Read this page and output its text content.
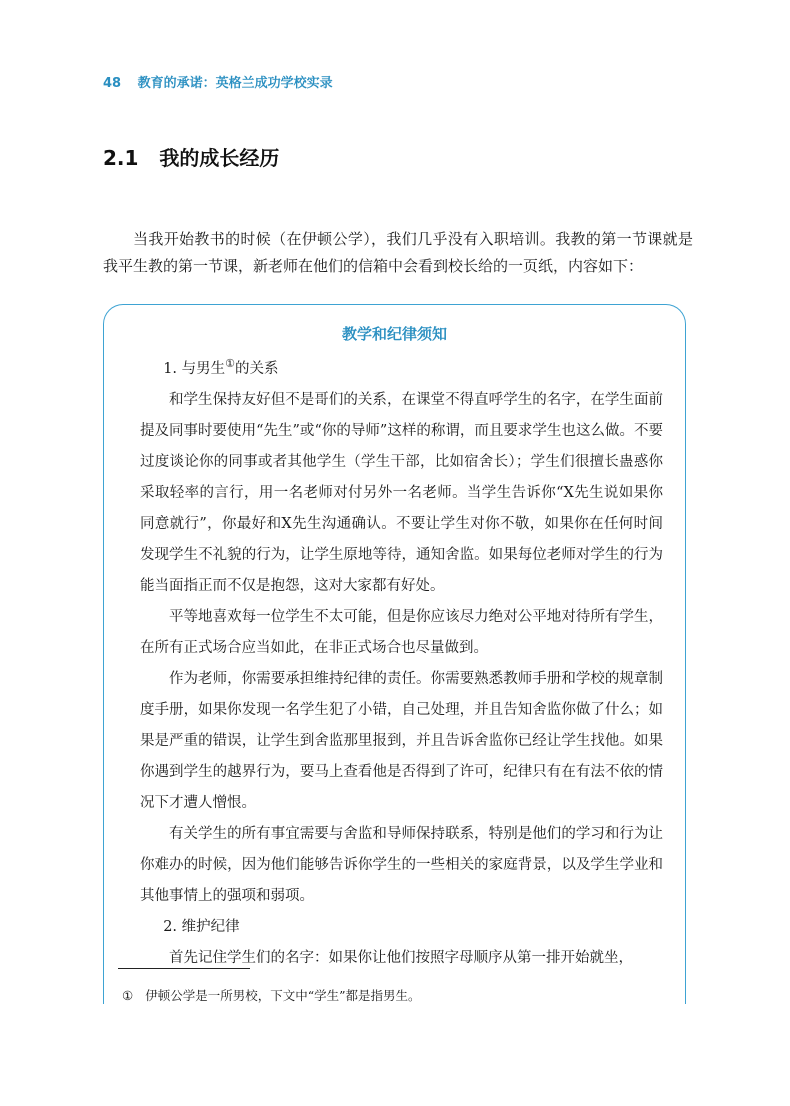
48 教育的承诺：英格兰成功学校实录
2.1 我的成长经历

当我开始教书的时候（在伊顿公学），我们几乎没有入职培训。我教的第一节课就是我平生教的第一节课，新老师在他们的信箱中会看到校长给的一页纸，内容如下：

教学和纪律须知

1. 与男生①的关系

和学生保持友好但不是哥们的关系，在课堂不得直呼学生的名字，在学生面前提及同事时要使用“先生”或“你的导师”这样的称谓，而且要求学生也这么做。不要过度谈论你的同事或者其他学生（学生干部，比如宿舍长）；学生们很擅长蛊惑你采取轻率的言行，用一名老师对付另外一名老师。当学生告诉你“X先生说如果你同意就行”，你最好和X先生沟通确认。不要让学生对你不敬，如果你在任何时间发现学生不礼貌的行为，让学生原地等待，通知舍监。如果每位老师对学生的行为能当面指正而不仅是抱怨，这对大家都有好处。

平等地喜欢每一位学生不太可能，但是你应该尽力绝对公平地对待所有学生，在所有正式场合应当如此，在非正式场合也尽量做到。

作为老师，你需要承担维持纪律的责任。你需要熟悉教师手册和学校的规章制度手册，如果你发现一名学生犯了小错，自己处理，并且告知舍监你做了什么；如果是严重的错误，让学生到舍监那里报到，并且告诉舍监你已经让学生找他。如果你遇到学生的越界行为，要马上查看他是否得到了许可，纪律只有在有法不依的情况下才遭人憎恨。

有关学生的所有事宜需要与舍监和导师保持联系，特别是他们的学习和行为让你难办的时候，因为他们能够告诉你学生的一些相关的家庭背景，以及学生学业和其他事情上的强项和弱项。

2. 维护纪律

首先记住学生们的名字：如果你让他们按照字母顺序从第一排开始就坐，

① 伊顿公学是一所男校，下文中“学生”都是指男生。
